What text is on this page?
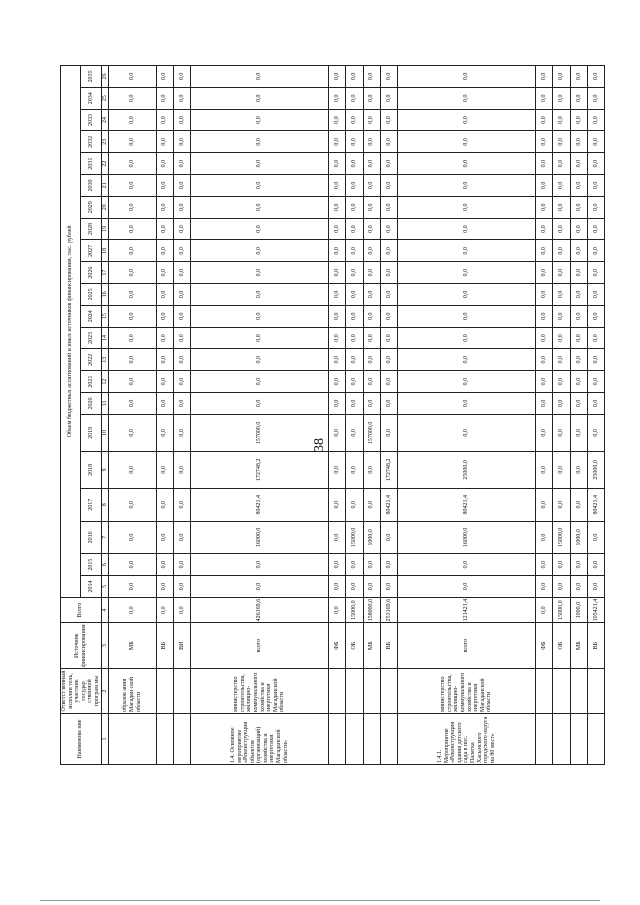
38
Наименова ние	Ответст венный исполни тель, участник государ ственной програм мы	Источник финансирования	Всего	Объем бюджетных ассигнований и иных источников финансирования, тыс. рублей																					
				2014	2015	2016	2017	2018	2019	2020	2021	2022	2023	2024	2025	2026	2027	2028	2029	2030	2031	2032	2033	2034	2035
1	2	3	4	5	6	7	8	9	10	11	12	13	14	15	16	17	18	19	20	21	22	23	24	25	26
	образов ания Магадан ской области	МБ	0,0	0,0	0,0	0,0	0,0	0,0	0,0	0,0	0,0	0,0	0,0	0,0	0,0	0,0	0,0	0,0	0,0	0,0	0,0	0,0	0,0	0,0	0,0
		ВБ	0,0	0,0	0,0	0,0	0,0	0,0	0,0	0,0	0,0	0,0	0,0	0,0	0,0	0,0	0,0	0,0	0,0	0,0	0,0	0,0	0,0	0,0	0,0
		ВИ	0,0	0,0	0,0	0,0	0,0	0,0	0,0	0,0	0,0	0,0	0,0	0,0	0,0	0,0	0,0	0,0	0,0	0,0	0,0	0,0	0,0	0,0	0,0
1.4. Основное мероприятие «Реконструкция объектов (организаций) хозяйства и энергетики Магаданской области»	министерство строительства, жилищно-коммунального хозяйства и энергетики Магаданской области	всего	426169,6	0,0	0,0	16000,0	80421,4	172748,2	157000,0	0,0	0,0	0,0	0,0	0,0	0,0	0,0	0,0	0,0	0,0	0,0	0,0	0,0	0,0	0,0	0,0
		ФБ	0,0	0,0	0,0	0,0	0,0	0,0	0,0	0,0	0,0	0,0	0,0	0,0	0,0	0,0	0,0	0,0	0,0	0,0	0,0	0,0	0,0	0,0	0,0
		ОБ	15000,0	0,0	0,0	15000,0	0,0	0,0	0,0	0,0	0,0	0,0	0,0	0,0	0,0	0,0	0,0	0,0	0,0	0,0	0,0	0,0	0,0	0,0	0,0
		МБ	158000,0	0,0	0,0	1000,0	0,0	0,0	157000,0	0,0	0,0	0,0	0,0	0,0	0,0	0,0	0,0	0,0	0,0	0,0	0,0	0,0	0,0	0,0	0,0
		ВБ	253169,6	0,0	0,0	0,0	80421,4	172748,2	0,0	0,0	0,0	0,0	0,0	0,0	0,0	0,0	0,0	0,0	0,0	0,0	0,0	0,0	0,0	0,0	0,0
1.4.1. Мероприятие «Реконструкция здания детского сада в пос. Палатка Хасынского городского округа на 80 мест»	министерство строительства, жилищно-коммунального хозяйства и энергетики Магаданской области	всего	121421,4	0,0	0,0	16000,0	80421,4	25000,0	0,0	0,0	0,0	0,0	0,0	0,0	0,0	0,0	0,0	0,0	0,0	0,0	0,0	0,0	0,0	0,0	0,0
		ФБ	0,0	0,0	0,0	0,0	0,0	0,0	0,0	0,0	0,0	0,0	0,0	0,0	0,0	0,0	0,0	0,0	0,0	0,0	0,0	0,0	0,0	0,0	0,0
		ОБ	15000,0	0,0	0,0	15000,0	0,0	0,0	0,0	0,0	0,0	0,0	0,0	0,0	0,0	0,0	0,0	0,0	0,0	0,0	0,0	0,0	0,0	0,0	0,0
		МБ	1000,0	0,0	0,0	1000,0	0,0	0,0	0,0	0,0	0,0	0,0	0,0	0,0	0,0	0,0	0,0	0,0	0,0	0,0	0,0	0,0	0,0	0,0	0,0
		ВБ	105421,4	0,0	0,0	0,0	80421,4	25000,0	0,0	0,0	0,0	0,0	0,0	0,0	0,0	0,0	0,0	0,0	0,0	0,0	0,0	0,0	0,0	0,0	0,0
